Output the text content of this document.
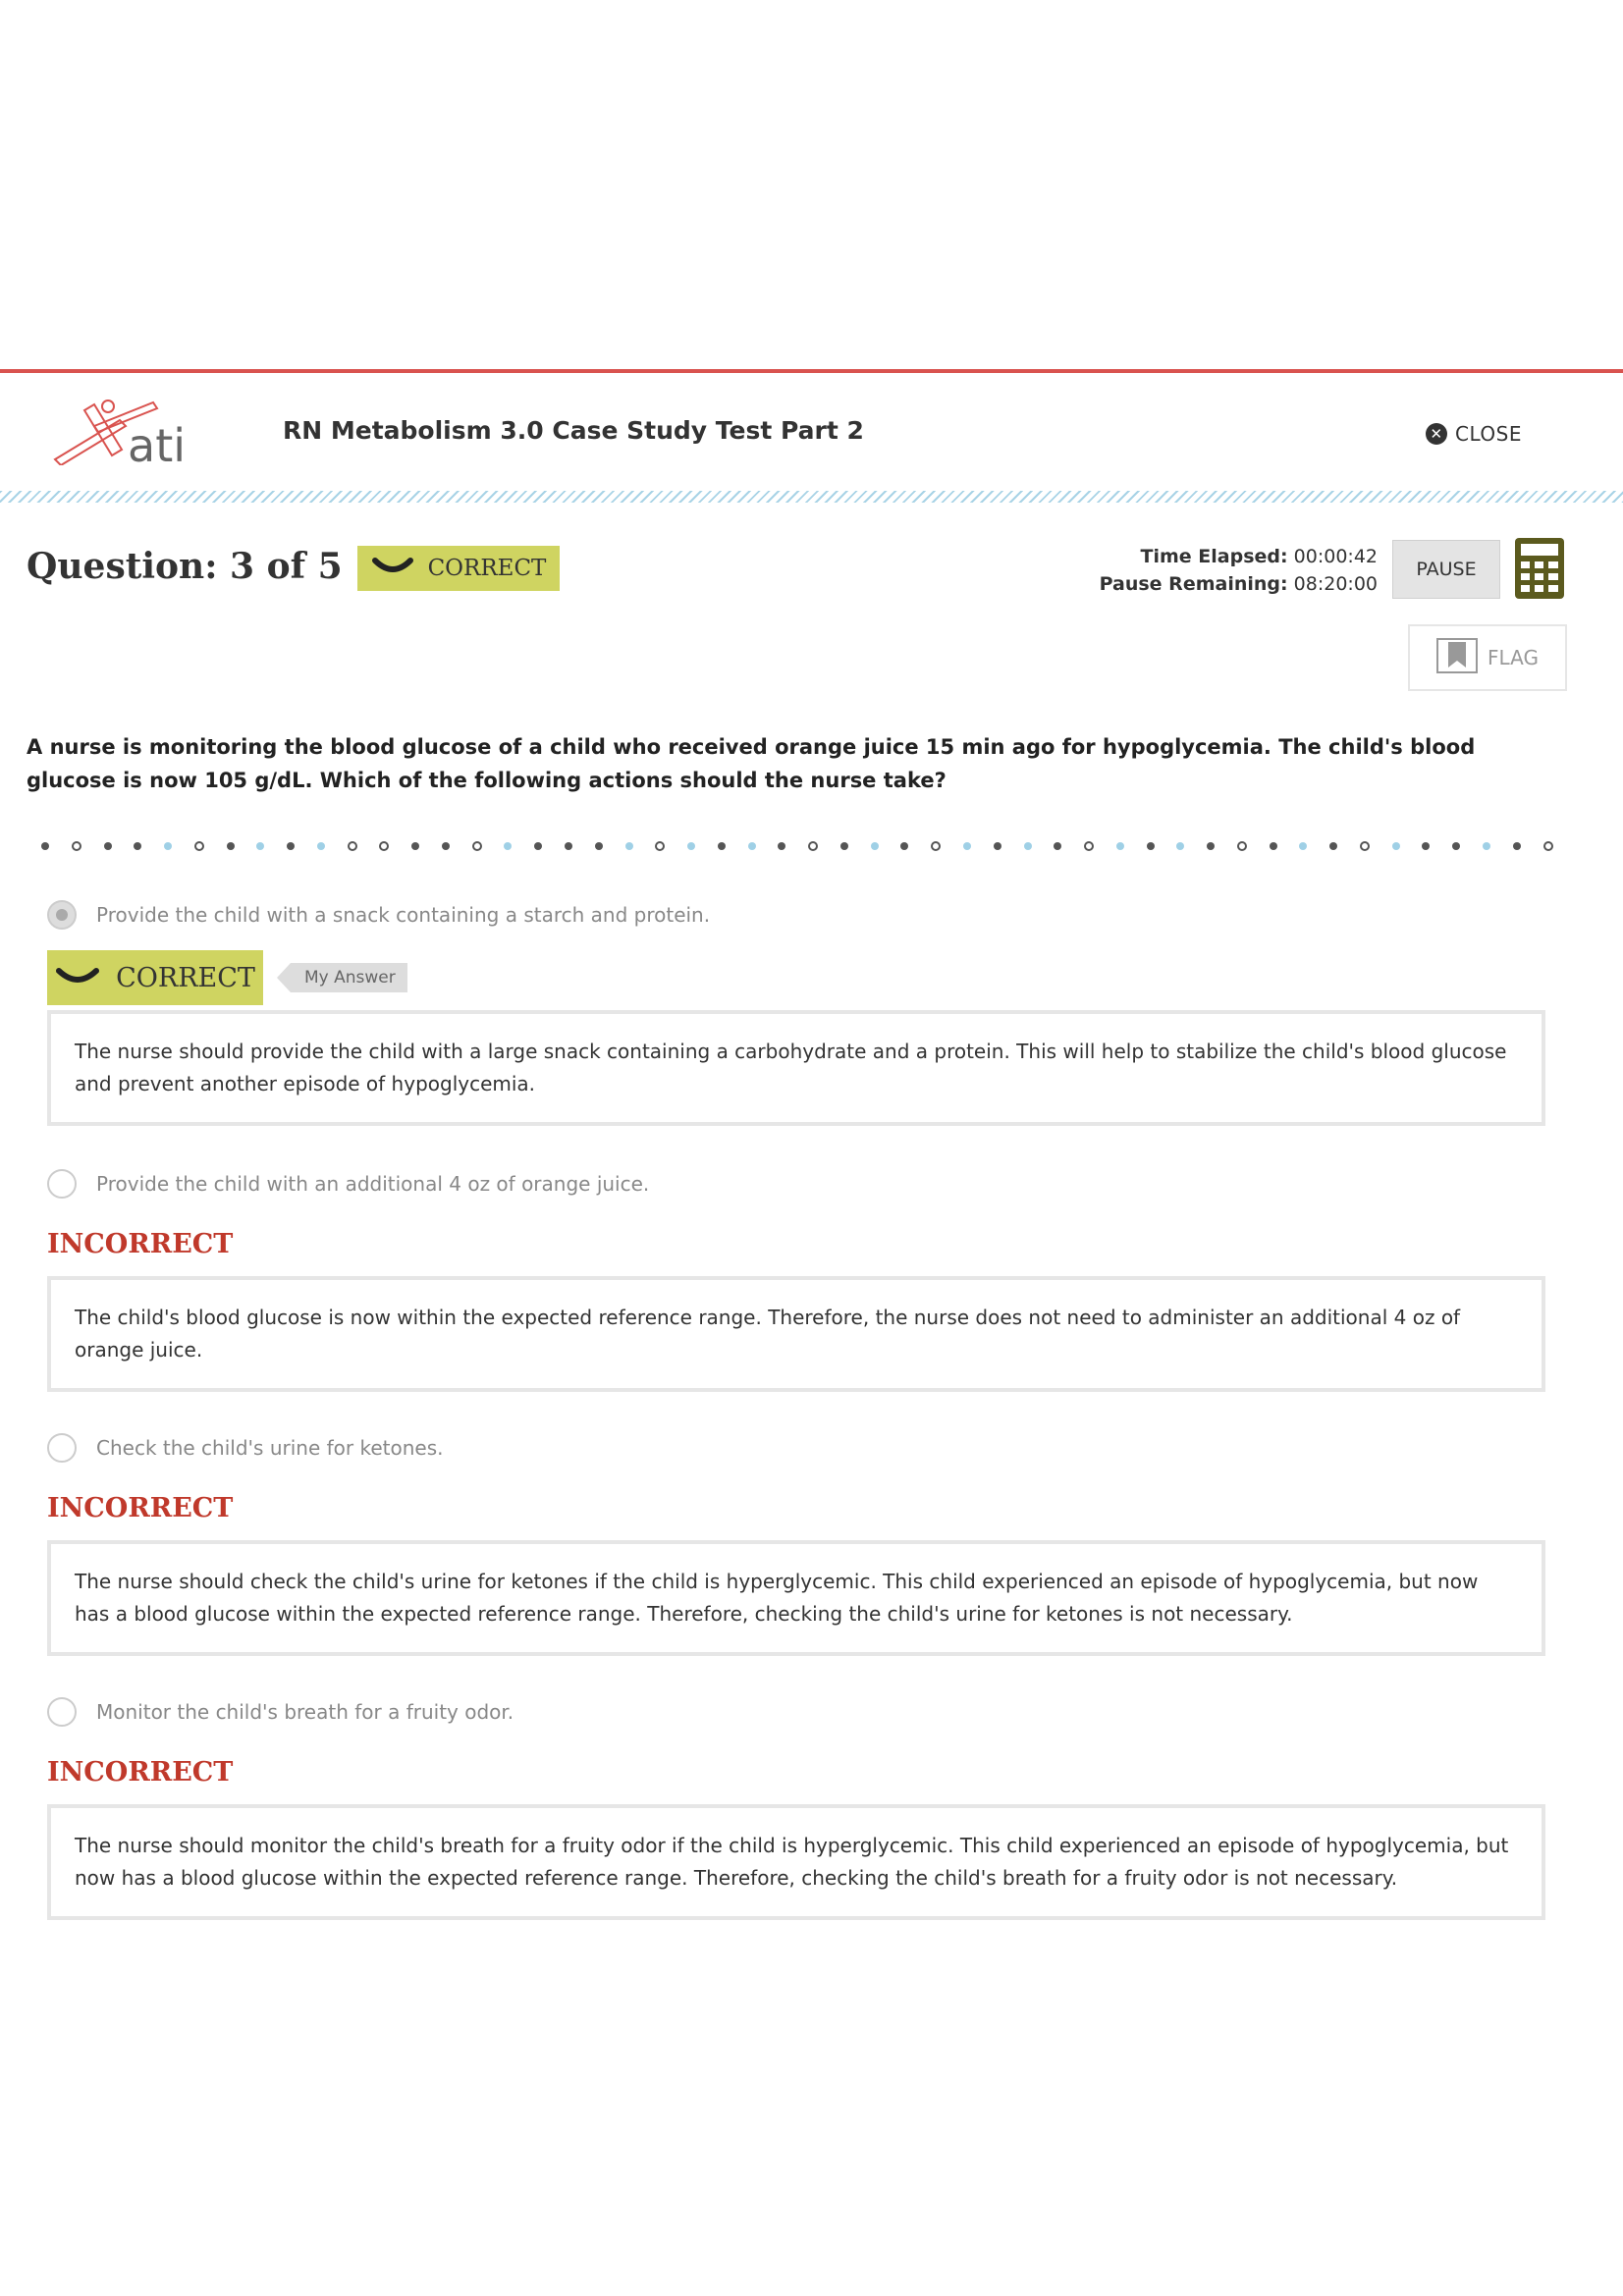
ati	RN Metabolism 3.0 Case Study Test Part 2	✕ CLOSE
Question: 3 of 5	CORRECT	Time Elapsed: 00:00:42
Pause Remaining: 08:20:00
PAUSE
FLAG
A nurse is monitoring the blood glucose of a child who received orange juice 15 min ago for hypoglycemia. The child's blood glucose is now 105 g/dL. Which of the following actions should the nurse take?
Provide the child with a snack containing a starch and protein.
CORRECT	My Answer
The nurse should provide the child with a large snack containing a carbohydrate and a protein. This will help to stabilize the child's blood glucose and prevent another episode of hypoglycemia.
Provide the child with an additional 4 oz of orange juice.
INCORRECT
The child's blood glucose is now within the expected reference range. Therefore, the nurse does not need to administer an additional 4 oz of orange juice.
Check the child's urine for ketones.
INCORRECT
The nurse should check the child's urine for ketones if the child is hyperglycemic. This child experienced an episode of hypoglycemia, but now has a blood glucose within the expected reference range. Therefore, checking the child's urine for ketones is not necessary.
Monitor the child's breath for a fruity odor.
INCORRECT
The nurse should monitor the child's breath for a fruity odor if the child is hyperglycemic. This child experienced an episode of hypoglycemia, but now has a blood glucose within the expected reference range. Therefore, checking the child's breath for a fruity odor is not necessary.
